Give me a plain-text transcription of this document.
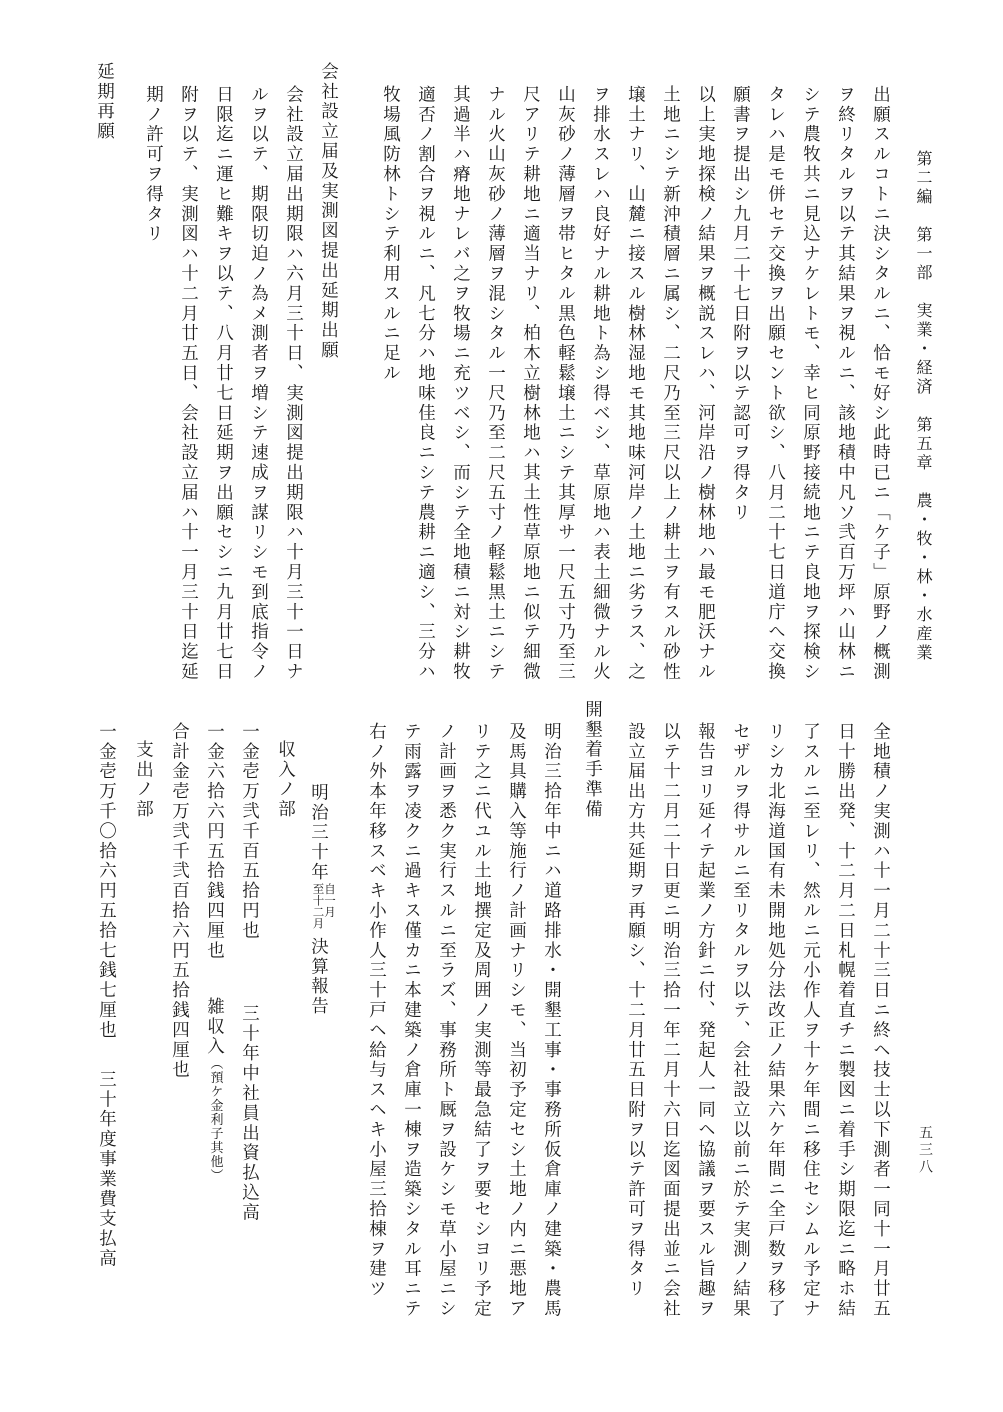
第二編　第一部　実業・経済　第五章　農・牧・林・水産業
五三八
出願スルコトニ決シタルニ、恰モ好シ此時已ニ「ケ子」原野ノ概測
ヲ終リタルヲ以テ其結果ヲ視ルニ、該地積中凡ソ弐百万坪ハ山林ニ
シテ農牧共ニ見込ナケレトモ、幸ヒ同原野接続地ニテ良地ヲ探検シ
タレハ是モ併セテ交換ヲ出願セント欲シ、八月二十七日道庁へ交換
願書ヲ提出シ九月二十七日附ヲ以テ認可ヲ得タリ
以上実地探検ノ結果ヲ概説スレハ、河岸沿ノ樹林地ハ最モ肥沃ナル
土地ニシテ新沖積層ニ属シ、二尺乃至三尺以上ノ耕土ヲ有スル砂性
壌土ナリ、山麓ニ接スル樹林湿地モ其地味河岸ノ土地ニ劣ラス、之
ヲ排水スレハ良好ナル耕地ト為シ得ベシ、草原地ハ表土細微ナル火
山灰砂ノ薄層ヲ帯ヒタル黒色軽鬆壌土ニシテ其厚サ一尺五寸乃至三
尺アリテ耕地ニ適当ナリ、柏木立樹林地ハ其土性草原地ニ似テ細微
ナル火山灰砂ノ薄層ヲ混シタル一尺乃至二尺五寸ノ軽鬆黒土ニシテ
其過半ハ瘠地ナレバ之ヲ牧場ニ充ツベシ、而シテ全地積ニ対シ耕牧
適否ノ割合ヲ視ルニ、凡七分ハ地味佳良ニシテ農耕ニ適シ、三分ハ
牧場風防林トシテ利用スルニ足ル
会社設立届及実測図提出延期出願
会社設立届出期限ハ六月三十日、実測図提出期限ハ十月三十一日ナ
ルヲ以テ、期限切迫ノ為メ測者ヲ増シテ速成ヲ謀リシモ到底指令ノ
日限迄ニ運ヒ難キヲ以テ、八月廿七日延期ヲ出願セシニ九月廿七日
附ヲ以テ、実測図ハ十二月廿五日、会社設立届ハ十一月三十日迄延
期ノ許可ヲ得タリ
延期再願
全地積ノ実測ハ十一月二十三日ニ終ヘ技士以下測者一同十一月廿五
日十勝出発、十二月二日札幌着直チニ製図ニ着手シ期限迄ニ略ホ結
了スルニ至レリ、然ルニ元小作人ヲ十ケ年間ニ移住セシムル予定ナ
リシカ北海道国有未開地処分法改正ノ結果六ケ年間ニ全戸数ヲ移了
セザルヲ得サルニ至リタルヲ以テ、会社設立以前ニ於テ実測ノ結果
報告ヨリ延イテ起業ノ方針ニ付、発起人一同ヘ協議ヲ要スル旨趣ヲ
以テ十二月二十日更ニ明治三拾一年二月十六日迄図面提出並ニ会社
設立届出方共延期ヲ再願シ、十二月廿五日附ヲ以テ許可ヲ得タリ
開墾着手準備
明治三拾年中ニハ道路排水・開墾工事・事務所仮倉庫ノ建築・農馬
及馬具購入等施行ノ計画ナリシモ、当初予定セシ土地ノ内ニ悪地ア
リテ之ニ代ユル土地撰定及周囲ノ実測等最急結了ヲ要セシヨリ予定
ノ計画ヲ悉ク実行スルニ至ラズ、事務所ト厩ヲ設ケシモ草小屋ニシ
テ雨露ヲ凌クニ過キス僅カニ本建築ノ倉庫一棟ヲ造築シタル耳ニテ
右ノ外本年移スベキ小作人三十戸ヘ給与スヘキ小屋三拾棟ヲ建ツ
明治三十年
自一月
至十二月
決算報告
収入ノ部
一金壱万弐千百五拾円也 三十年中社員出資払込高
一金六拾六円五拾銭四厘也 雑収入（預ケ金利子其他）
合計金壱万弐千弐百拾六円五拾銭四厘也
支出ノ部
一金壱万千〇拾六円五拾七銭七厘也 三十年度事業費支払高
